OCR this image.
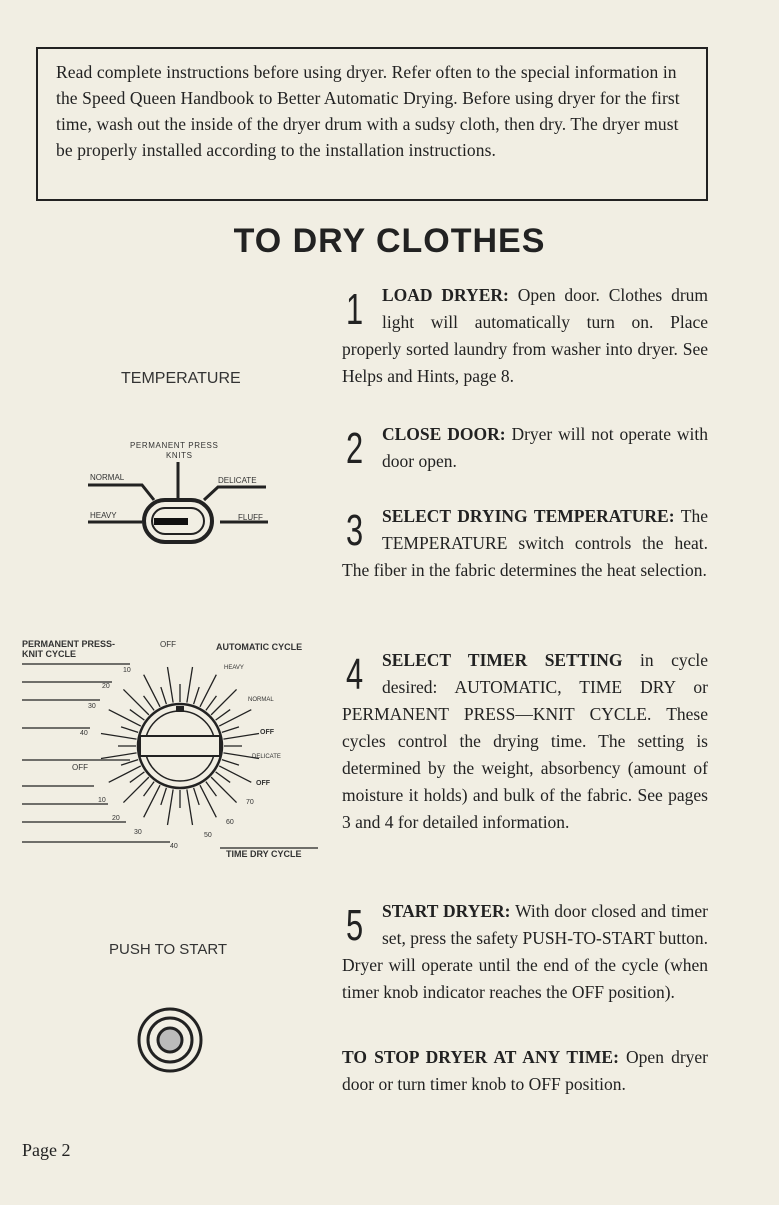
Read complete instructions before using dryer. Refer often to the special information in the Speed Queen Handbook to Better Automatic Drying. Before using dryer for the first time, wash out the inside of the dryer drum with a sudsy cloth, then dry. The dryer must be properly installed according to the installation instructions.
TO DRY CLOTHES
1	LOAD DRYER: Open door. Clothes drum light will automatically turn on. Place properly sorted laundry from washer into dryer. See Helps and Hints, page 8.

2	CLOSE DOOR: Dryer will not operate with door open.

3	SELECT DRYING TEMPERATURE: The TEMPERATURE switch controls the heat. The fiber in the fabric determines the heat selection.

4	SELECT TIMER SETTING in cycle desired: AUTOMATIC, TIME DRY or PERMANENT PRESS—KNIT CYCLE. These cycles control the drying time. The setting is determined by the weight, absorbency (amount of moisture it holds) and bulk of the fabric. See pages 3 and 4 for detailed information.

5	START DRYER: With door closed and timer set, press the safety PUSH-TO-START button. Dryer will operate until the end of the cycle (when timer knob indicator reaches the OFF position).

TO STOP DRYER AT ANY TIME: Open dryer door or turn timer knob to OFF position.
TEMPERATURE
PERMANENT PRESS
KNITS
NORMAL	DELICATE
HEAVY	FLUFF
PERMANENT PRESS-
KNIT CYCLE
OFF	AUTOMATIC CYCLE
HEAVY
NORMAL
OFF
DELICATE
OFF
OFF
TIME DRY CYCLE
10
20
30
40
10
20
30
40
70
60
50
PUSH TO START
Page 2
